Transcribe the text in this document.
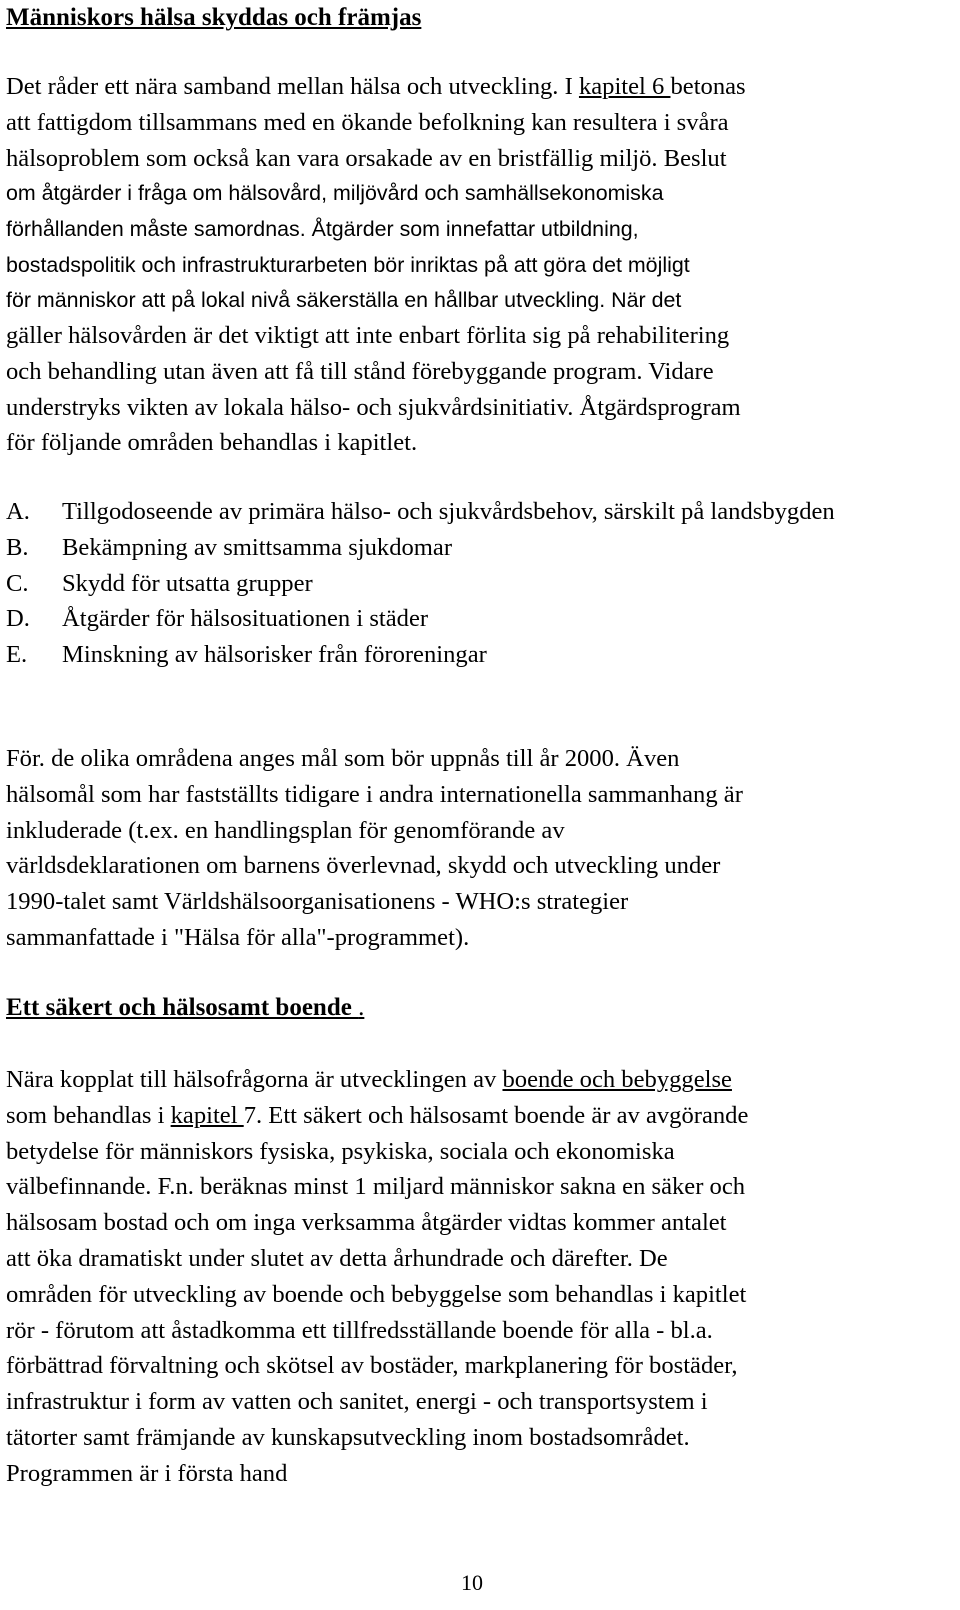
Människors hälsa skyddas och främjas
Det råder ett nära samband mellan hälsa och utveckling. I kapitel 6 betonas
att fattigdom tillsammans med en ökande befolkning kan resultera i svåra
hälsoproblem som också kan vara orsakade av en bristfällig miljö. Beslut
om åtgärder i fråga om hälsovård, miljövård och samhällsekonomiska
förhållanden måste samordnas. Åtgärder som innefattar utbildning,
bostadspolitik och infrastrukturarbeten bör inriktas på att göra det möjligt
för människor att på lokal nivå säkerställa en hållbar utveckling. När det
gäller hälsovården är det viktigt att inte enbart förlita sig på rehabilitering
och behandling utan även att få till stånd förebyggande program. Vidare
understryks vikten av lokala hälso- och sjukvårdsinitiativ. Åtgärdsprogram
för följande områden behandlas i kapitlet.
A. Tillgodoseende av primära hälso- och sjukvårdsbehov, särskilt på landsbygden
B. Bekämpning av smittsamma sjukdomar
C. Skydd för utsatta grupper
D. Åtgärder för hälsosituationen i städer
E. Minskning av hälsorisker från föroreningar
För. de olika områdena anges mål som bör uppnås till år 2000. Även
hälsomål som har fastställts tidigare i andra internationella sammanhang är
inkluderade (t.ex. en handlingsplan för genomförande av
världsdeklarationen om barnens överlevnad, skydd och utveckling under
1990-talet samt Världshälsoorganisationens - WHO:s strategier
sammanfattade i "Hälsa för alla"-programmet).
Ett säkert och hälsosamt boende .
Nära kopplat till hälsofrågorna är utvecklingen av boende och bebyggelse
som behandlas i kapitel 7. Ett säkert och hälsosamt boende är av avgörande
betydelse för människors fysiska, psykiska, sociala och ekonomiska
välbefinnande. F.n. beräknas minst 1 miljard människor sakna en säker och
hälsosam bostad och om inga verksamma åtgärder vidtas kommer antalet
att öka dramatiskt under slutet av detta århundrade och därefter. De
områden för utveckling av boende och bebyggelse som behandlas i kapitlet
rör - förutom att åstadkomma ett tillfredsställande boende för alla - bl.a.
förbättrad förvaltning och skötsel av bostäder, markplanering för bostäder,
infrastruktur i form av vatten och sanitet, energi - och transportsystem i
tätorter samt främjande av kunskapsutveckling inom bostadsområdet.
Programmen är i första hand
10
